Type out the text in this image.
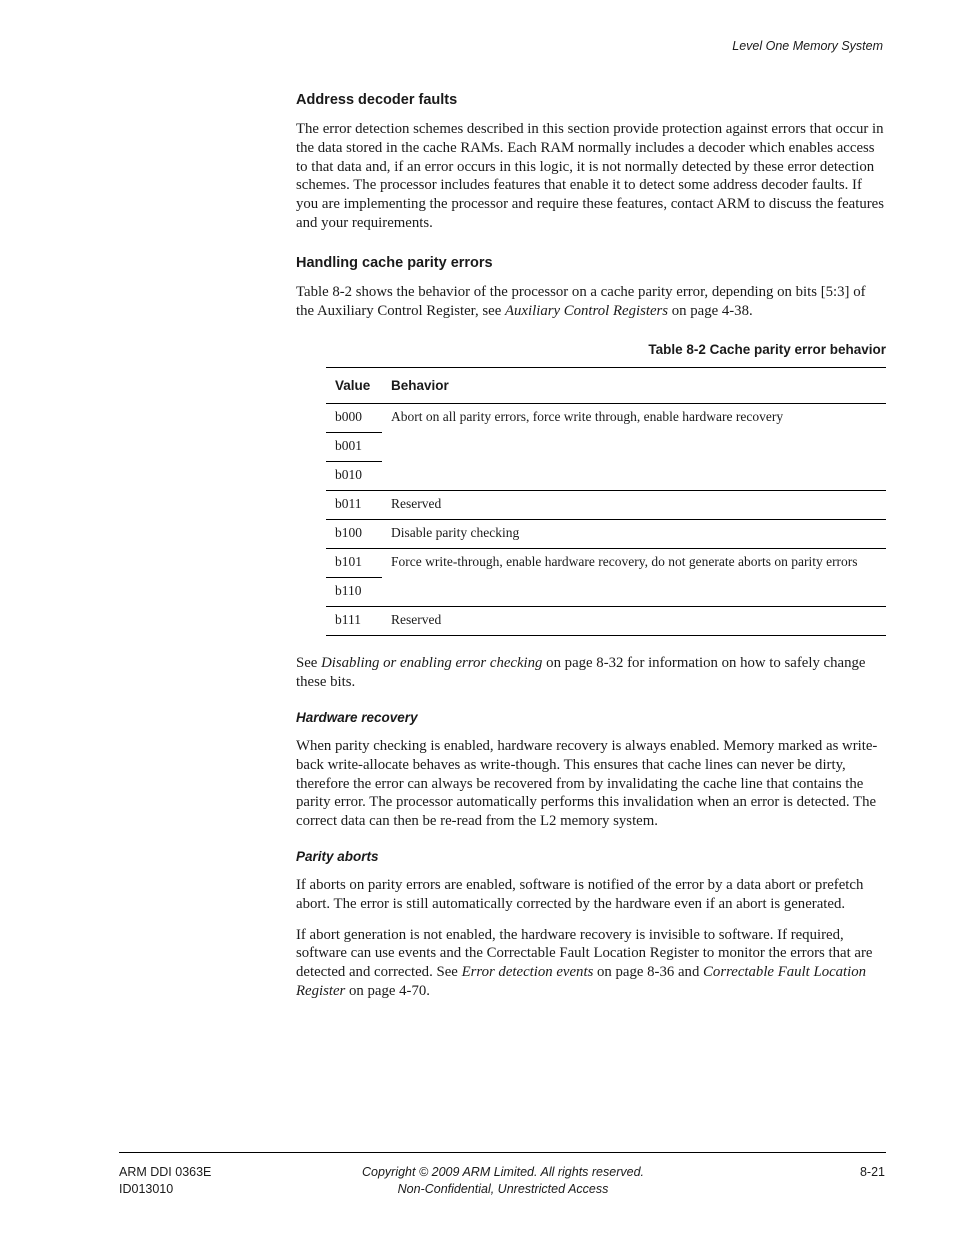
Level One Memory System
Address decoder faults

The error detection schemes described in this section provide protection against errors that occur in the data stored in the cache RAMs. Each RAM normally includes a decoder which enables access to that data and, if an error occurs in this logic, it is not normally detected by these error detection schemes. The processor includes features that enable it to detect some address decoder faults. If you are implementing the processor and require these features, contact ARM to discuss the features and your requirements.

Handling cache parity errors

Table 8-2 shows the behavior of the processor on a cache parity error, depending on bits [5:3] of the Auxiliary Control Register, see Auxiliary Control Registers on page 4-38.

Table 8-2 Cache parity error behavior
Value	Behavior
b000	Abort on all parity errors, force write through, enable hardware recovery
b001	
b010	
b011	Reserved
b100	Disable parity checking
b101	Force write-through, enable hardware recovery, do not generate aborts on parity errors
b110	
b111	Reserved

See Disabling or enabling error checking on page 8-32 for information on how to safely change these bits.

Hardware recovery

When parity checking is enabled, hardware recovery is always enabled. Memory marked as write-back write-allocate behaves as write-though. This ensures that cache lines can never be dirty, therefore the error can always be recovered from by invalidating the cache line that contains the parity error. The processor automatically performs this invalidation when an error is detected. The correct data can then be re-read from the L2 memory system.

Parity aborts

If aborts on parity errors are enabled, software is notified of the error by a data abort or prefetch abort. The error is still automatically corrected by the hardware even if an abort is generated.

If abort generation is not enabled, the hardware recovery is invisible to software. If required, software can use events and the Correctable Fault Location Register to monitor the errors that are detected and corrected. See Error detection events on page 8-36 and Correctable Fault Location Register on page 4-70.

ARM DDI 0363E
ID013010
Copyright © 2009 ARM Limited. All rights reserved.
Non-Confidential, Unrestricted Access
8-21
